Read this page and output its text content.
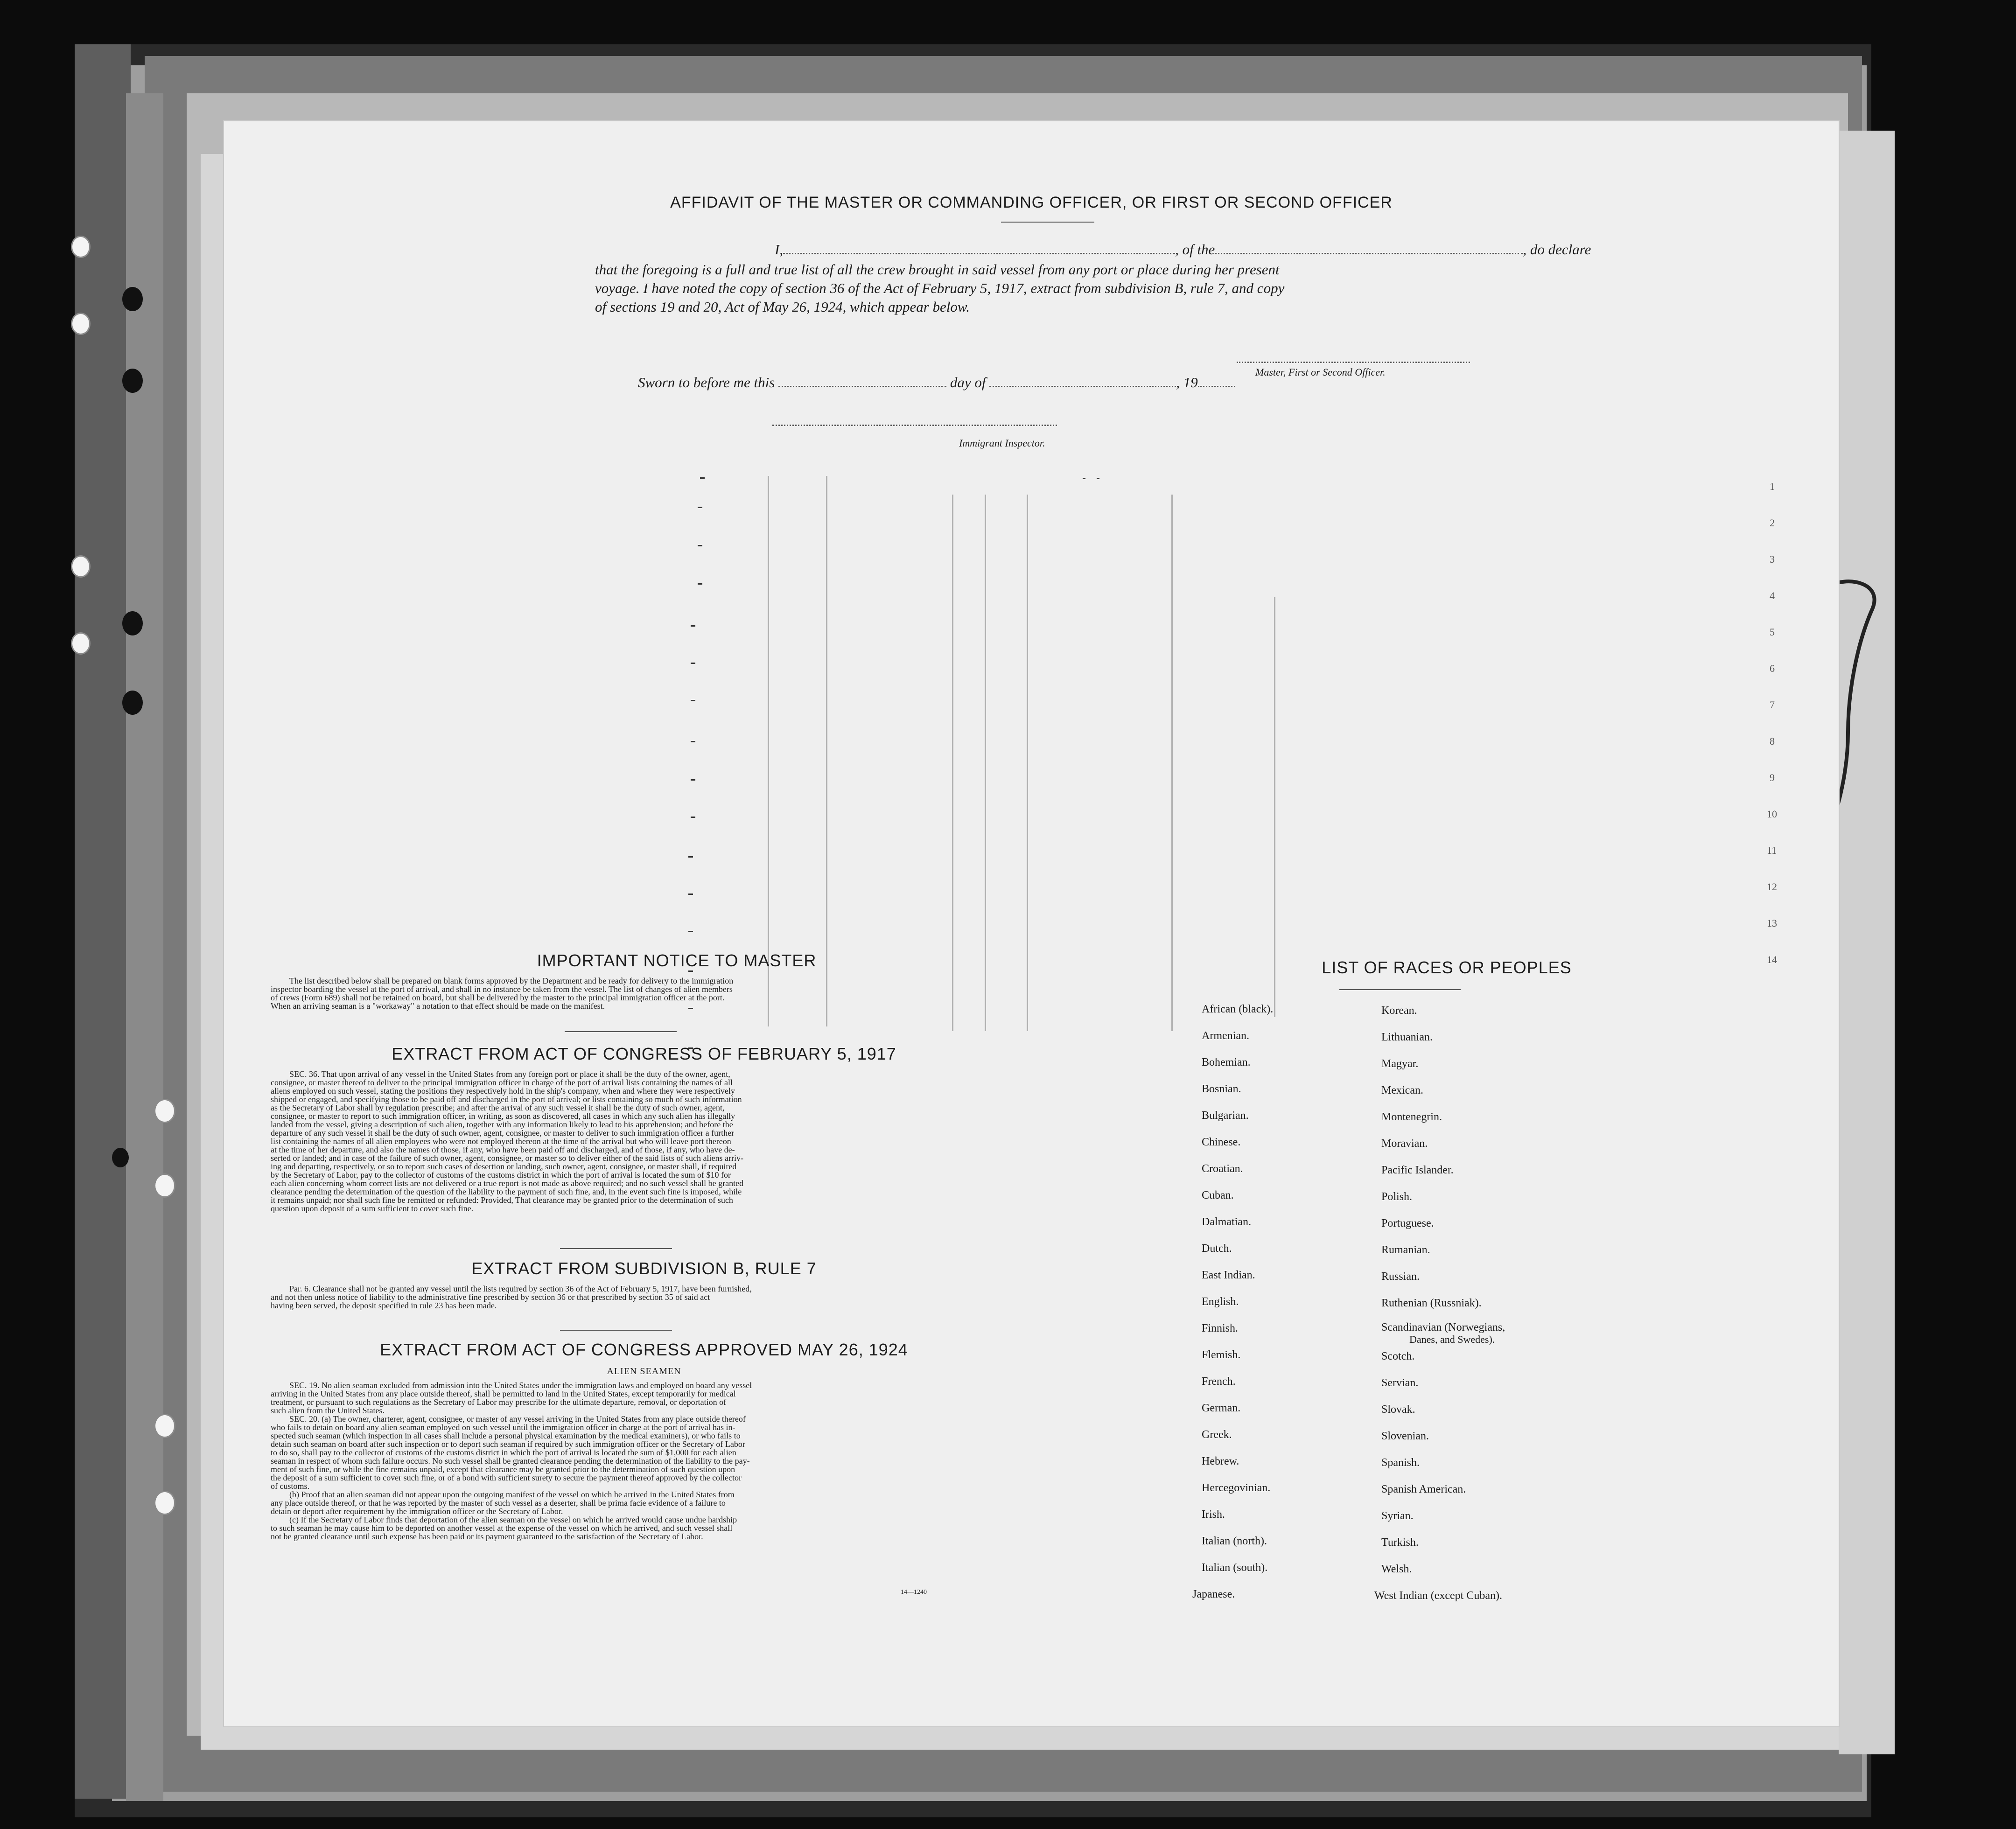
AFFIDAVIT OF THE MASTER OR COMMANDING OFFICER, OR FIRST OR SECOND OFFICER
I,	, of the	, do declare
that the foregoing is a full and true list of all the crew brought in said vessel from any port or place during her present
voyage. I have noted the copy of section 36 of the Act of February 5, 1917, extract from subdivision B, rule 7, and copy
of sections 19 and 20, Act of May 26, 1924, which appear below.
Master, First or Second Officer.
Sworn to before me this	day of	, 19
Immigrant Inspector.
IMPORTANT NOTICE TO MASTER
The list described below shall be prepared on blank forms approved by the Department and be ready for delivery to the immigration
inspector boarding the vessel at the port of arrival, and shall in no instance be taken from the vessel. The list of changes of alien members
of crews (Form 689) shall not be retained on board, but shall be delivered by the master to the principal immigration officer at the port.
When an arriving seaman is a "workaway" a notation to that effect should be made on the manifest.
EXTRACT FROM ACT OF CONGRESS OF FEBRUARY 5, 1917
SEC. 36. That upon arrival of any vessel in the United States from any foreign port or place it shall be the duty of the owner, agent,
consignee, or master thereof to deliver to the principal immigration officer in charge of the port of arrival lists containing the names of all
aliens employed on such vessel, stating the positions they respectively hold in the ship's company, when and where they were respectively
shipped or engaged, and specifying those to be paid off and discharged in the port of arrival; or lists containing so much of such information
as the Secretary of Labor shall by regulation prescribe; and after the arrival of any such vessel it shall be the duty of such owner, agent,
consignee, or master to report to such immigration officer, in writing, as soon as discovered, all cases in which any such alien has illegally
landed from the vessel, giving a description of such alien, together with any information likely to lead to his apprehension; and before the
departure of any such vessel it shall be the duty of such owner, agent, consignee, or master to deliver to such immigration officer a further
list containing the names of all alien employees who were not employed thereon at the time of the arrival but who will leave port thereon
at the time of her departure, and also the names of those, if any, who have been paid off and discharged, and of those, if any, who have de-
serted or landed; and in case of the failure of such owner, agent, consignee, or master so to deliver either of the said lists of such aliens arriv-
ing and departing, respectively, or so to report such cases of desertion or landing, such owner, agent, consignee, or master shall, if required
by the Secretary of Labor, pay to the collector of customs of the customs district in which the port of arrival is located the sum of $10 for
each alien concerning whom correct lists are not delivered or a true report is not made as above required; and no such vessel shall be granted
clearance pending the determination of the question of the liability to the payment of such fine, and, in the event such fine is imposed, while
it remains unpaid; nor shall such fine be remitted or refunded: Provided, That clearance may be granted prior to the determination of such
question upon deposit of a sum sufficient to cover such fine.
EXTRACT FROM SUBDIVISION B, RULE 7
Par. 6. Clearance shall not be granted any vessel until the lists required by section 36 of the Act of February 5, 1917, have been furnished,
and not then unless notice of liability to the administrative fine prescribed by section 36 or that prescribed by section 35 of said act
having been served, the deposit specified in rule 23 has been made.
EXTRACT FROM ACT OF CONGRESS APPROVED MAY 26, 1924
ALIEN SEAMEN
SEC. 19. No alien seaman excluded from admission into the United States under the immigration laws and employed on board any vessel
arriving in the United States from any place outside thereof, shall be permitted to land in the United States, except temporarily for medical
treatment, or pursuant to such regulations as the Secretary of Labor may prescribe for the ultimate departure, removal, or deportation of
such alien from the United States.
SEC. 20. (a) The owner, charterer, agent, consignee, or master of any vessel arriving in the United States from any place outside thereof
who fails to detain on board any alien seaman employed on such vessel until the immigration officer in charge at the port of arrival has in-
spected such seaman (which inspection in all cases shall include a personal physical examination by the medical examiners), or who fails to
detain such seaman on board after such inspection or to deport such seaman if required by such immigration officer or the Secretary of Labor
to do so, shall pay to the collector of customs of the customs district in which the port of arrival is located the sum of $1,000 for each alien
seaman in respect of whom such failure occurs. No such vessel shall be granted clearance pending the determination of the liability to the pay-
ment of such fine, or while the fine remains unpaid, except that clearance may be granted prior to the determination of such question upon
the deposit of a sum sufficient to cover such fine, or of a bond with sufficient surety to secure the payment thereof approved by the collector
of customs.
(b) Proof that an alien seaman did not appear upon the outgoing manifest of the vessel on which he arrived in the United States from
any place outside thereof, or that he was reported by the master of such vessel as a deserter, shall be prima facie evidence of a failure to
detain or deport after requirement by the immigration officer or the Secretary of Labor.
(c) If the Secretary of Labor finds that deportation of the alien seaman on the vessel on which he arrived would cause undue hardship
to such seaman he may cause him to be deported on another vessel at the expense of the vessel on which he arrived, and such vessel shall
not be granted clearance until such expense has been paid or its payment guaranteed to the satisfaction of the Secretary of Labor.
14—1240
LIST OF RACES OR PEOPLES
African (black).
Armenian.
Bohemian.
Bosnian.
Bulgarian.
Chinese.
Croatian.
Cuban.
Dalmatian.
Dutch.
East Indian.
English.
Finnish.
Flemish.
French.
German.
Greek.
Hebrew.
Hercegovinian.
Irish.
Italian (north).
Italian (south).
Japanese.
Korean.
Lithuanian.
Magyar.
Mexican.
Montenegrin.
Moravian.
Pacific Islander.
Polish.
Portuguese.
Rumanian.
Russian.
Ruthenian (Russniak).
Scandinavian (Norwegians,
Danes, and Swedes).
Scotch.
Servian.
Slovak.
Slovenian.
Spanish.
Spanish American.
Syrian.
Turkish.
Welsh.
West Indian (except Cuban).
1
2
3
4
5
6
7
8
9
10
11
12
13
14
